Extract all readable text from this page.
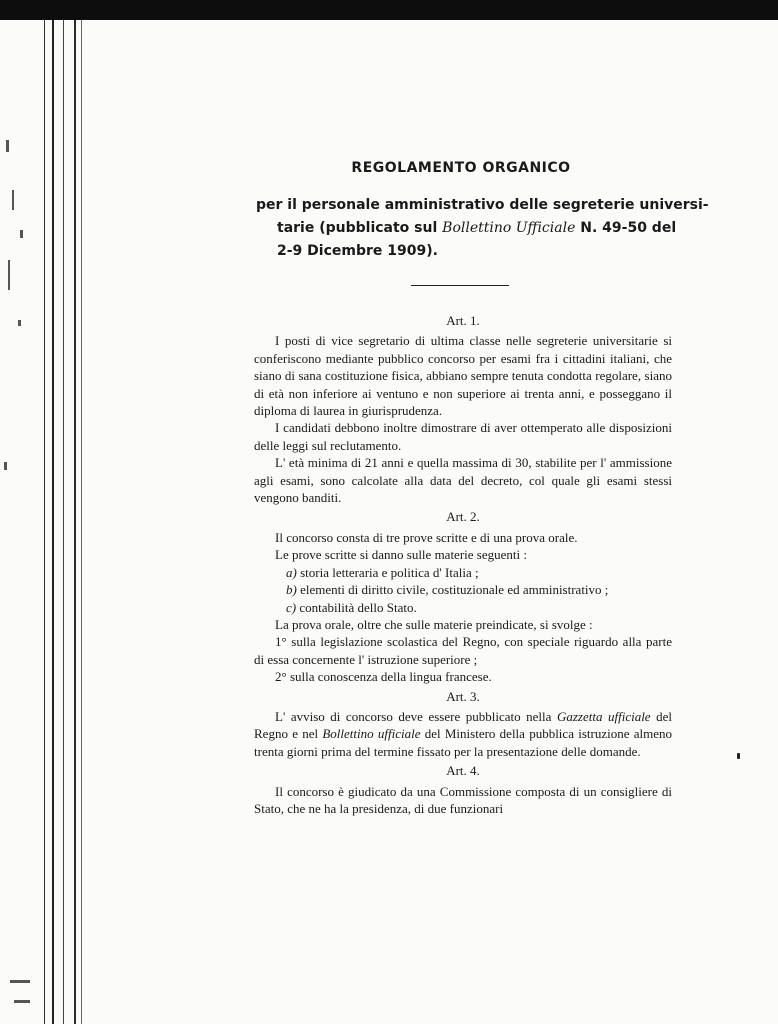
REGOLAMENTO ORGANICO
per il personale amministrativo delle segreterie universi-
tarie (pubblicato sul Bollettino Ufficiale N. 49-50 del
2-9 Dicembre 1909).
Art. 1.
I posti di vice segretario di ultima classe nelle segreterie universitarie si conferiscono mediante pubblico concorso per esami fra i cittadini italiani, che siano di sana costituzione fisica, abbiano sempre tenuta condotta regolare, siano di età non inferiore ai ventuno e non superiore ai trenta anni, e posseggano il diploma di laurea in giurisprudenza.
I candidati debbono inoltre dimostrare di aver ottemperato alle disposizioni delle leggi sul reclutamento.
L' età minima di 21 anni e quella massima di 30, stabilite per l' ammissione agli esami, sono calcolate alla data del decreto, col quale gli esami stessi vengono banditi.
Art. 2.
Il concorso consta di tre prove scritte e di una prova orale.
Le prove scritte si danno sulle materie seguenti :
a) storia letteraria e politica d' Italia ;
b) elementi di diritto civile, costituzionale ed amministrativo ;
c) contabilità dello Stato.
La prova orale, oltre che sulle materie preindicate, si svolge :
1° sulla legislazione scolastica del Regno, con speciale riguardo alla parte di essa concernente l' istruzione superiore ;
2° sulla conoscenza della lingua francese.
Art. 3.
L' avviso di concorso deve essere pubblicato nella Gazzetta ufficiale del Regno e nel Bollettino ufficiale del Ministero della pubblica istruzione almeno trenta giorni prima del termine fissato per la presentazione delle domande.
Art. 4.
Il concorso è giudicato da una Commissione composta di un consigliere di Stato, che ne ha la presidenza, di due funzionari
